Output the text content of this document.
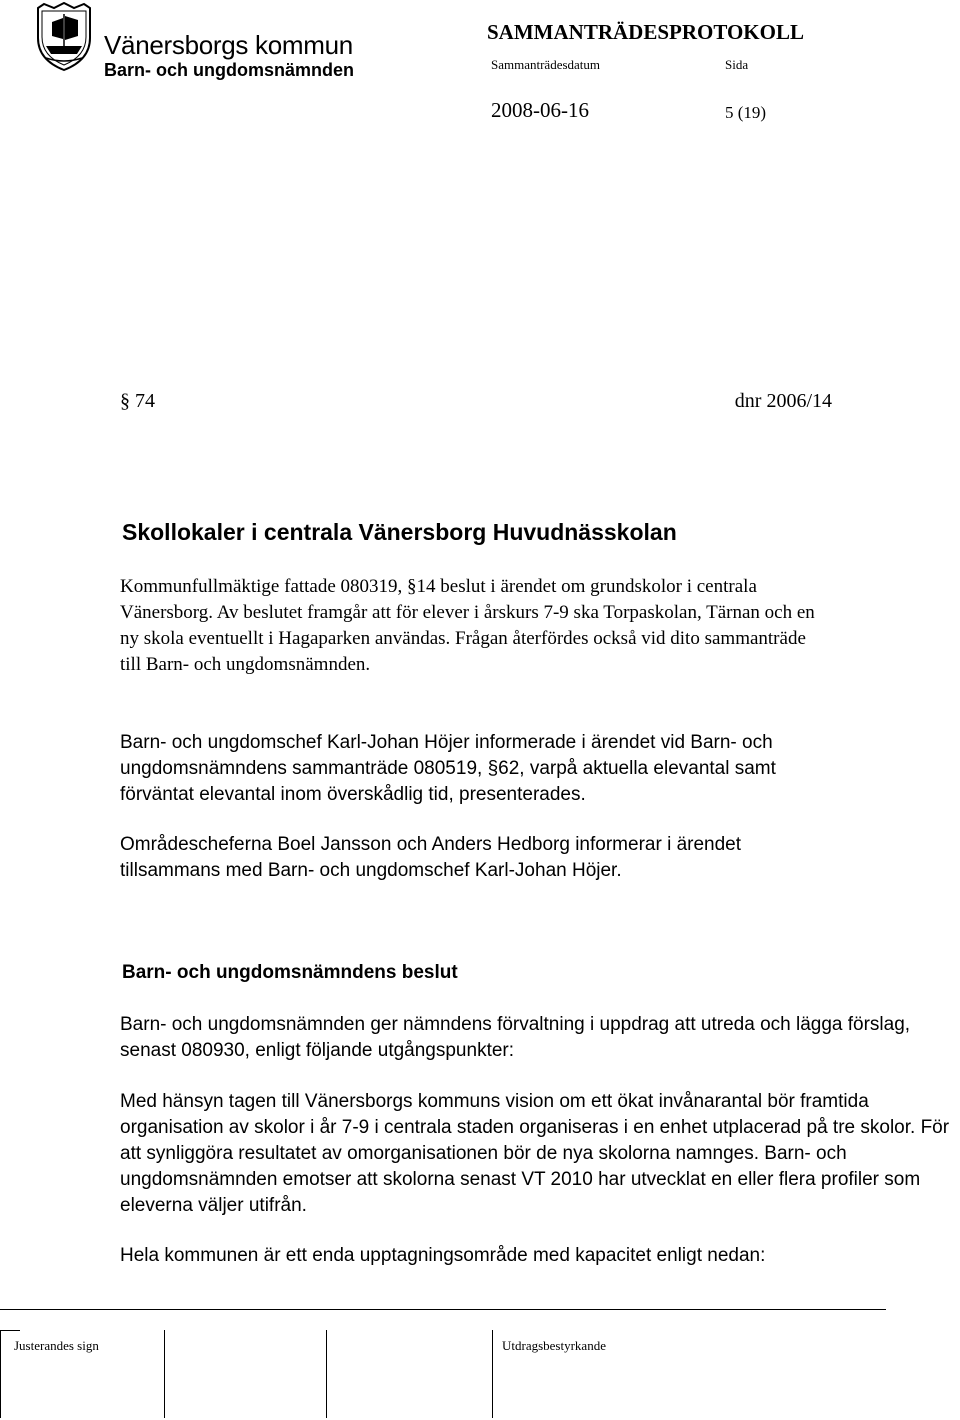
Vänersborgs kommun
Barn- och ungdomsnämnden
SAMMANTRÄDESPROTOKOLL
Sammanträdesdatum	Sida
2008-06-16	5 (19)
§ 74	dnr 2006/14
Skollokaler i centrala Vänersborg Huvudnässkolan

Kommunfullmäktige fattade 080319, §14 beslut i ärendet om grundskolor i centrala Vänersborg. Av beslutet framgår att för elever i årskurs 7-9 ska Torpaskolan, Tärnan och en ny skola eventuellt i Hagaparken användas. Frågan återfördes också vid dito sammanträde till Barn- och ungdomsnämnden.

Barn- och ungdomschef Karl-Johan Höjer informerade i ärendet vid Barn- och ungdomsnämndens sammanträde 080519, §62, varpå aktuella elevantal samt förväntat elevantal inom överskådlig tid, presenterades.

Områdescheferna Boel Jansson och Anders Hedborg informerar i ärendet tillsammans med Barn- och ungdomschef Karl-Johan Höjer.

Barn- och ungdomsnämndens beslut

Barn- och ungdomsnämnden ger nämndens förvaltning i uppdrag att utreda och lägga förslag, senast 080930, enligt följande utgångspunkter:

Med hänsyn tagen till Vänersborgs kommuns vision om ett ökat invånarantal bör framtida organisation av skolor i år 7-9 i centrala staden organiseras i en enhet utplacerad på tre skolor. För att synliggöra resultatet av omorganisationen bör de nya skolorna namnges. Barn- och ungdomsnämnden emotser att skolorna senast VT 2010 har utvecklat en eller flera profiler som eleverna väljer utifrån.

Hela kommunen är ett enda upptagningsområde med kapacitet enligt nedan:

Justerandes sign	Utdragsbestyrkande
